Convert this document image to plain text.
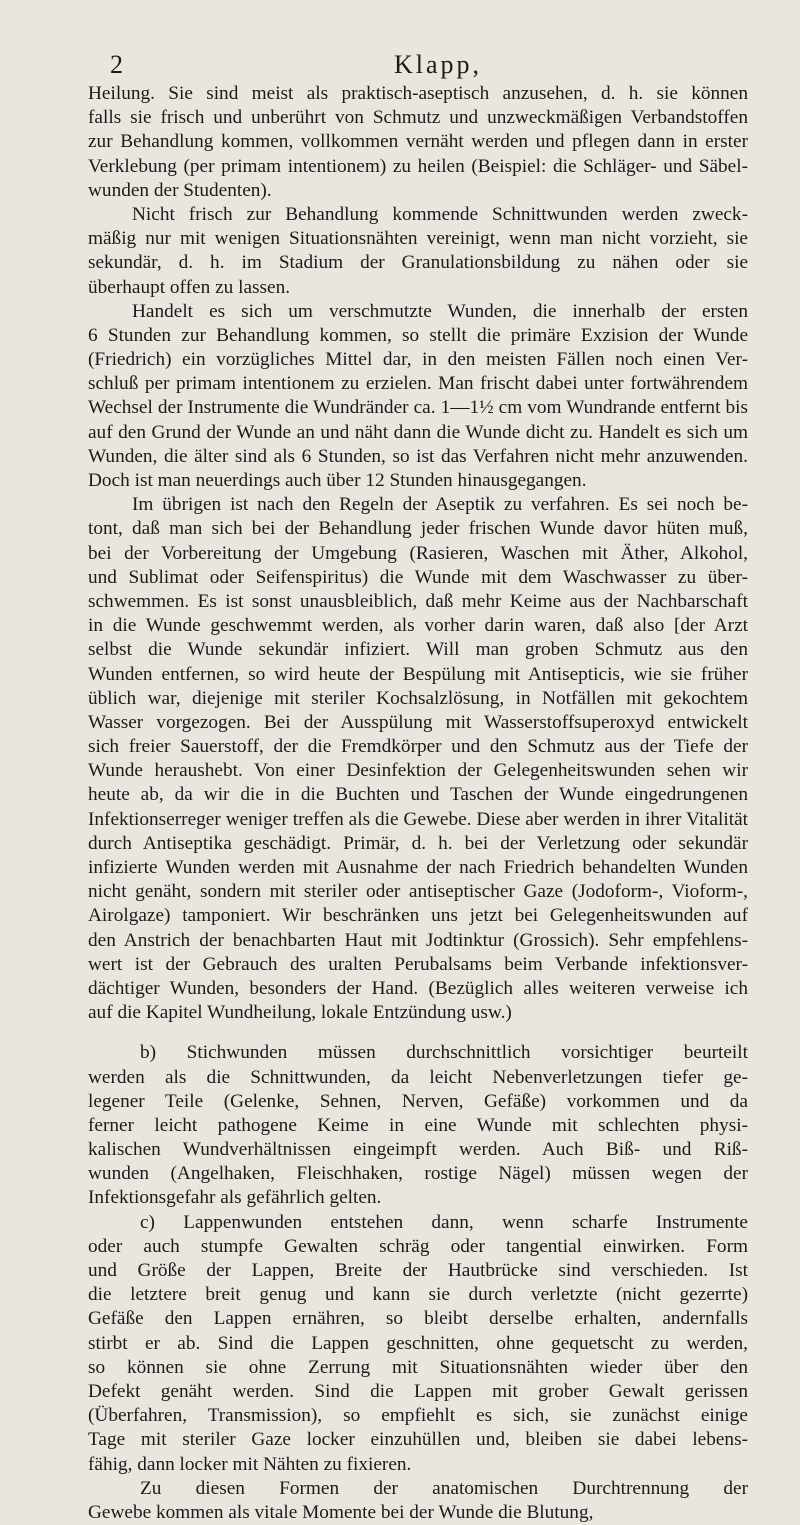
2	Klapp,
Heilung. Sie sind meist als praktisch-aseptisch anzusehen, d. h. sie können
falls sie frisch und unberührt von Schmutz und unzweckmäßigen Verbandstoffen
zur Behandlung kommen, vollkommen vernäht werden und pflegen dann in erster
Verklebung (per primam intentionem) zu heilen (Beispiel: die Schläger- und Säbel-
wunden der Studenten).
Nicht frisch zur Behandlung kommende Schnittwunden werden zweck-
mäßig nur mit wenigen Situationsnähten vereinigt, wenn man nicht vorzieht, sie
sekundär, d. h. im Stadium der Granulationsbildung zu nähen oder sie
überhaupt offen zu lassen.
Handelt es sich um verschmutzte Wunden, die innerhalb der ersten
6 Stunden zur Behandlung kommen, so stellt die primäre Exzision der Wunde
(Friedrich) ein vorzügliches Mittel dar, in den meisten Fällen noch einen Ver-
schluß per primam intentionem zu erzielen. Man frischt dabei unter fortwährendem
Wechsel der Instrumente die Wundränder ca. 1—1½ cm vom Wundrande entfernt bis
auf den Grund der Wunde an und näht dann die Wunde dicht zu. Handelt es sich um
Wunden, die älter sind als 6 Stunden, so ist das Verfahren nicht mehr anzuwenden.
Doch ist man neuerdings auch über 12 Stunden hinausgegangen.
Im übrigen ist nach den Regeln der Aseptik zu verfahren. Es sei noch be-
tont, daß man sich bei der Behandlung jeder frischen Wunde davor hüten muß,
bei der Vorbereitung der Umgebung (Rasieren, Waschen mit Äther, Alkohol,
und Sublimat oder Seifenspiritus) die Wunde mit dem Waschwasser zu über-
schwemmen. Es ist sonst unausbleiblich, daß mehr Keime aus der Nachbarschaft
in die Wunde geschwemmt werden, als vorher darin waren, daß also [der Arzt
selbst die Wunde sekundär infiziert. Will man groben Schmutz aus den
Wunden entfernen, so wird heute der Bespülung mit Antisepticis, wie sie früher
üblich war, diejenige mit steriler Kochsalzlösung, in Notfällen mit gekochtem
Wasser vorgezogen. Bei der Ausspülung mit Wasserstoffsuperoxyd entwickelt
sich freier Sauerstoff, der die Fremdkörper und den Schmutz aus der Tiefe der
Wunde heraushebt. Von einer Desinfektion der Gelegenheitswunden sehen wir
heute ab, da wir die in die Buchten und Taschen der Wunde eingedrungenen
Infektionserreger weniger treffen als die Gewebe. Diese aber werden in ihrer Vitalität
durch Antiseptika geschädigt. Primär, d. h. bei der Verletzung oder sekundär
infizierte Wunden werden mit Ausnahme der nach Friedrich behandelten Wunden
nicht genäht, sondern mit steriler oder antiseptischer Gaze (Jodoform-, Vioform-,
Airolgaze) tamponiert. Wir beschränken uns jetzt bei Gelegenheitswunden auf
den Anstrich der benachbarten Haut mit Jodtinktur (Grossich). Sehr empfehlens-
wert ist der Gebrauch des uralten Perubalsams beim Verbande infektionsver-
dächtiger Wunden, besonders der Hand. (Bezüglich alles weiteren verweise ich
auf die Kapitel Wundheilung, lokale Entzündung usw.)
b) Stichwunden müssen durchschnittlich vorsichtiger beurteilt
werden als die Schnittwunden, da leicht Nebenverletzungen tiefer ge-
legener Teile (Gelenke, Sehnen, Nerven, Gefäße) vorkommen und da
ferner leicht pathogene Keime in eine Wunde mit schlechten physi-
kalischen Wundverhältnissen eingeimpft werden. Auch Biß- und Riß-
wunden (Angelhaken, Fleischhaken, rostige Nägel) müssen wegen der
Infektionsgefahr als gefährlich gelten.
c) Lappenwunden entstehen dann, wenn scharfe Instrumente
oder auch stumpfe Gewalten schräg oder tangential einwirken. Form
und Größe der Lappen, Breite der Hautbrücke sind verschieden. Ist
die letztere breit genug und kann sie durch verletzte (nicht gezerrte)
Gefäße den Lappen ernähren, so bleibt derselbe erhalten, andernfalls
stirbt er ab. Sind die Lappen geschnitten, ohne gequetscht zu werden,
so können sie ohne Zerrung mit Situationsnähten wieder über den
Defekt genäht werden. Sind die Lappen mit grober Gewalt gerissen
(Überfahren, Transmission), so empfiehlt es sich, sie zunächst einige
Tage mit steriler Gaze locker einzuhüllen und, bleiben sie dabei lebens-
fähig, dann locker mit Nähten zu fixieren.
Zu diesen Formen der anatomischen Durchtrennung der
Gewebe kommen als vitale Momente bei der Wunde die Blutung,
